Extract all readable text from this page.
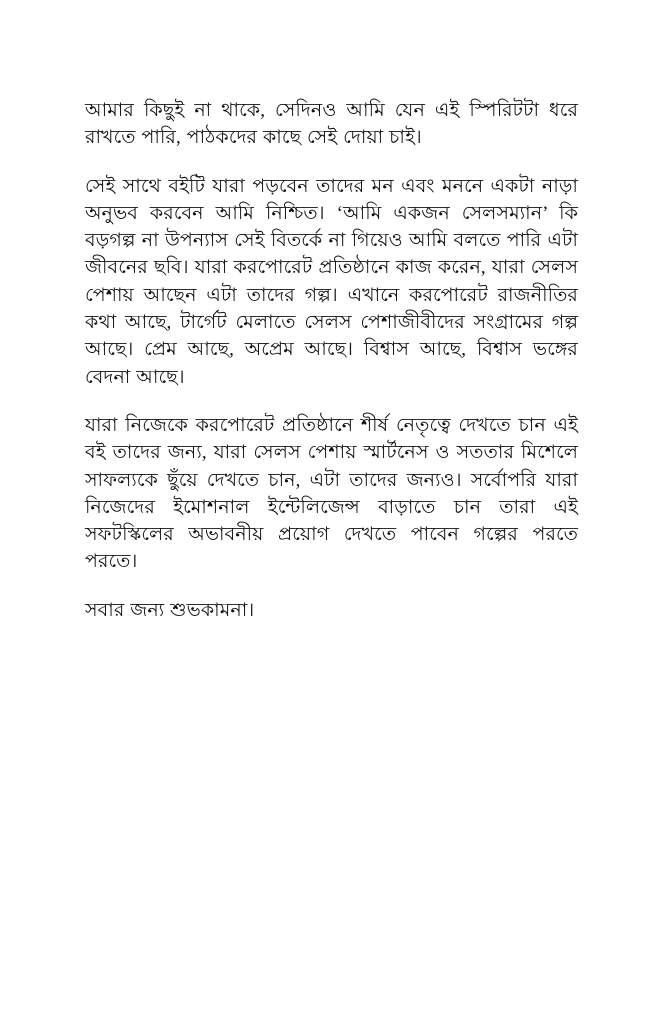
আমার কিছুই না থাকে, সেদিনও আমি যেন এই স্পিরিটটা ধরে রাখতে পারি, পাঠকদের কাছে সেই দোয়া চাই।

সেই সাথে বইটি যারা পড়বেন তাদের মন এবং মননে একটা নাড়া অনুভব করবেন আমি নিশ্চিত। ‘আমি একজন সেলসম্যান’ কি বড়গল্প না উপন্যাস সেই বিতর্কে না গিয়েও আমি বলতে পারি এটা জীবনের ছবি। যারা করপোরেট প্রতিষ্ঠানে কাজ করেন, যারা সেলস পেশায় আছেন এটা তাদের গল্প। এখানে করপোরেট রাজনীতির কথা আছে, টার্গেট মেলাতে সেলস পেশাজীবীদের সংগ্রামের গল্প আছে। প্রেম আছে, অপ্রেম আছে। বিশ্বাস আছে, বিশ্বাস ভঙ্গের বেদনা আছে।

যারা নিজেকে করপোরেট প্রতিষ্ঠানে শীর্ষ নেতৃত্বে দেখতে চান এই বই তাদের জন্য, যারা সেলস পেশায় স্মার্টনেস ও সততার মিশেলে সাফল্যকে ছুঁয়ে দেখতে চান, এটা তাদের জন্যও। সর্বোপরি যারা নিজেদের ইমোশনাল ইন্টেলিজেন্স বাড়াতে চান তারা এই সফটস্কিলের অভাবনীয় প্রয়োগ দেখতে পাবেন গল্পের পরতে পরতে।

সবার জন্য শুভকামনা।
